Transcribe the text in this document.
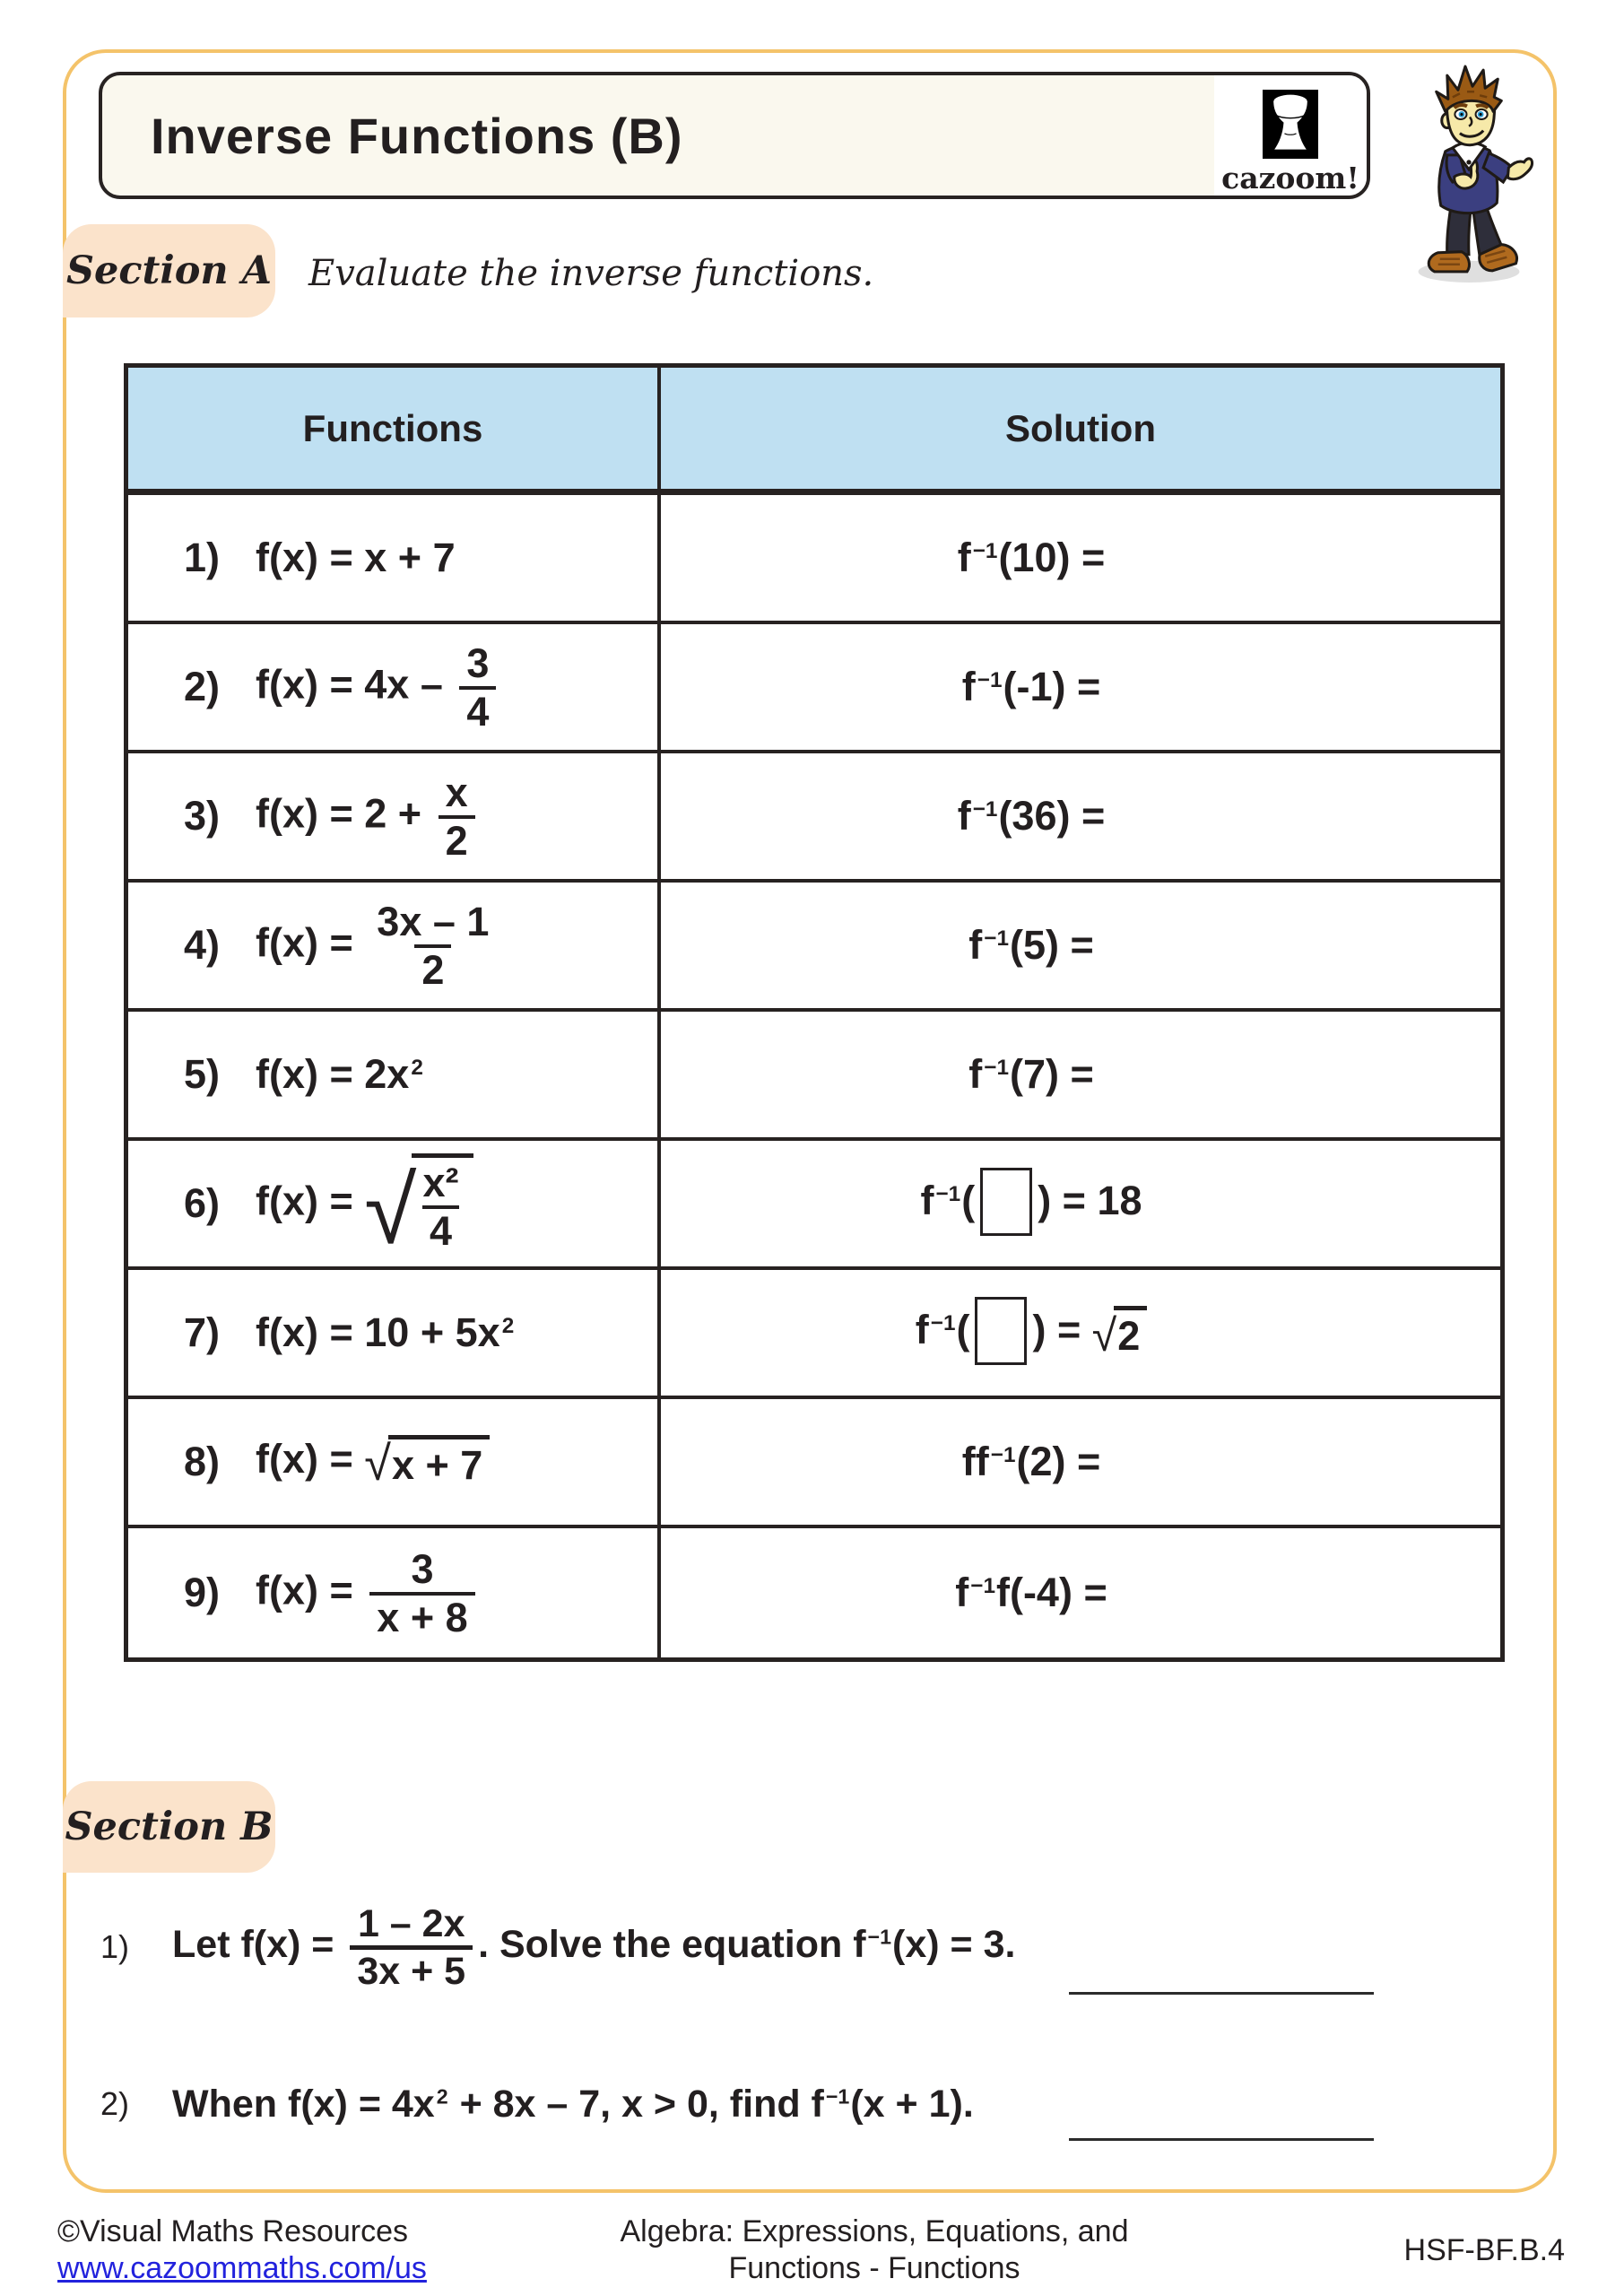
Inverse Functions (B)
cazoom!
Section A Evaluate the inverse functions.
Functions	Solution
1) f(x) = x + 7	f−1(10) =
2) $f(x) = 4x - \frac{3}{4}$	f−1(-1) =
3) $f(x) = 2 + \frac{x}{2}$	f−1(36) =
4) $f(x) = \frac{3x - 1}{2}$	f−1(5) =
5) f(x) = 2x2	f−1(7) =
6) f(x) = √ $\frac{\text{x²}}{4}$	f−1( ) = 18
7) f(x) = 10 + 5x2	f−1( ) = √ 2
8) f(x) = √ x + 7	ff−1(2) =
9) $f(x) = \frac{3}{x + 8}$	f−1f(-4) =
Section B
1) Let $f(x) = \frac{1 - 2x}{3x + 5}$ . Solve the equation f−1(x) = 3.
2) When f(x) = 4x2 + 8x – 7, x > 0, find f−1(x + 1).
©Visual Maths Resources
www.cazoommaths.com/us
Algebra: Expressions, Equations, and
Functions - Functions
HSF-BF.B.4
